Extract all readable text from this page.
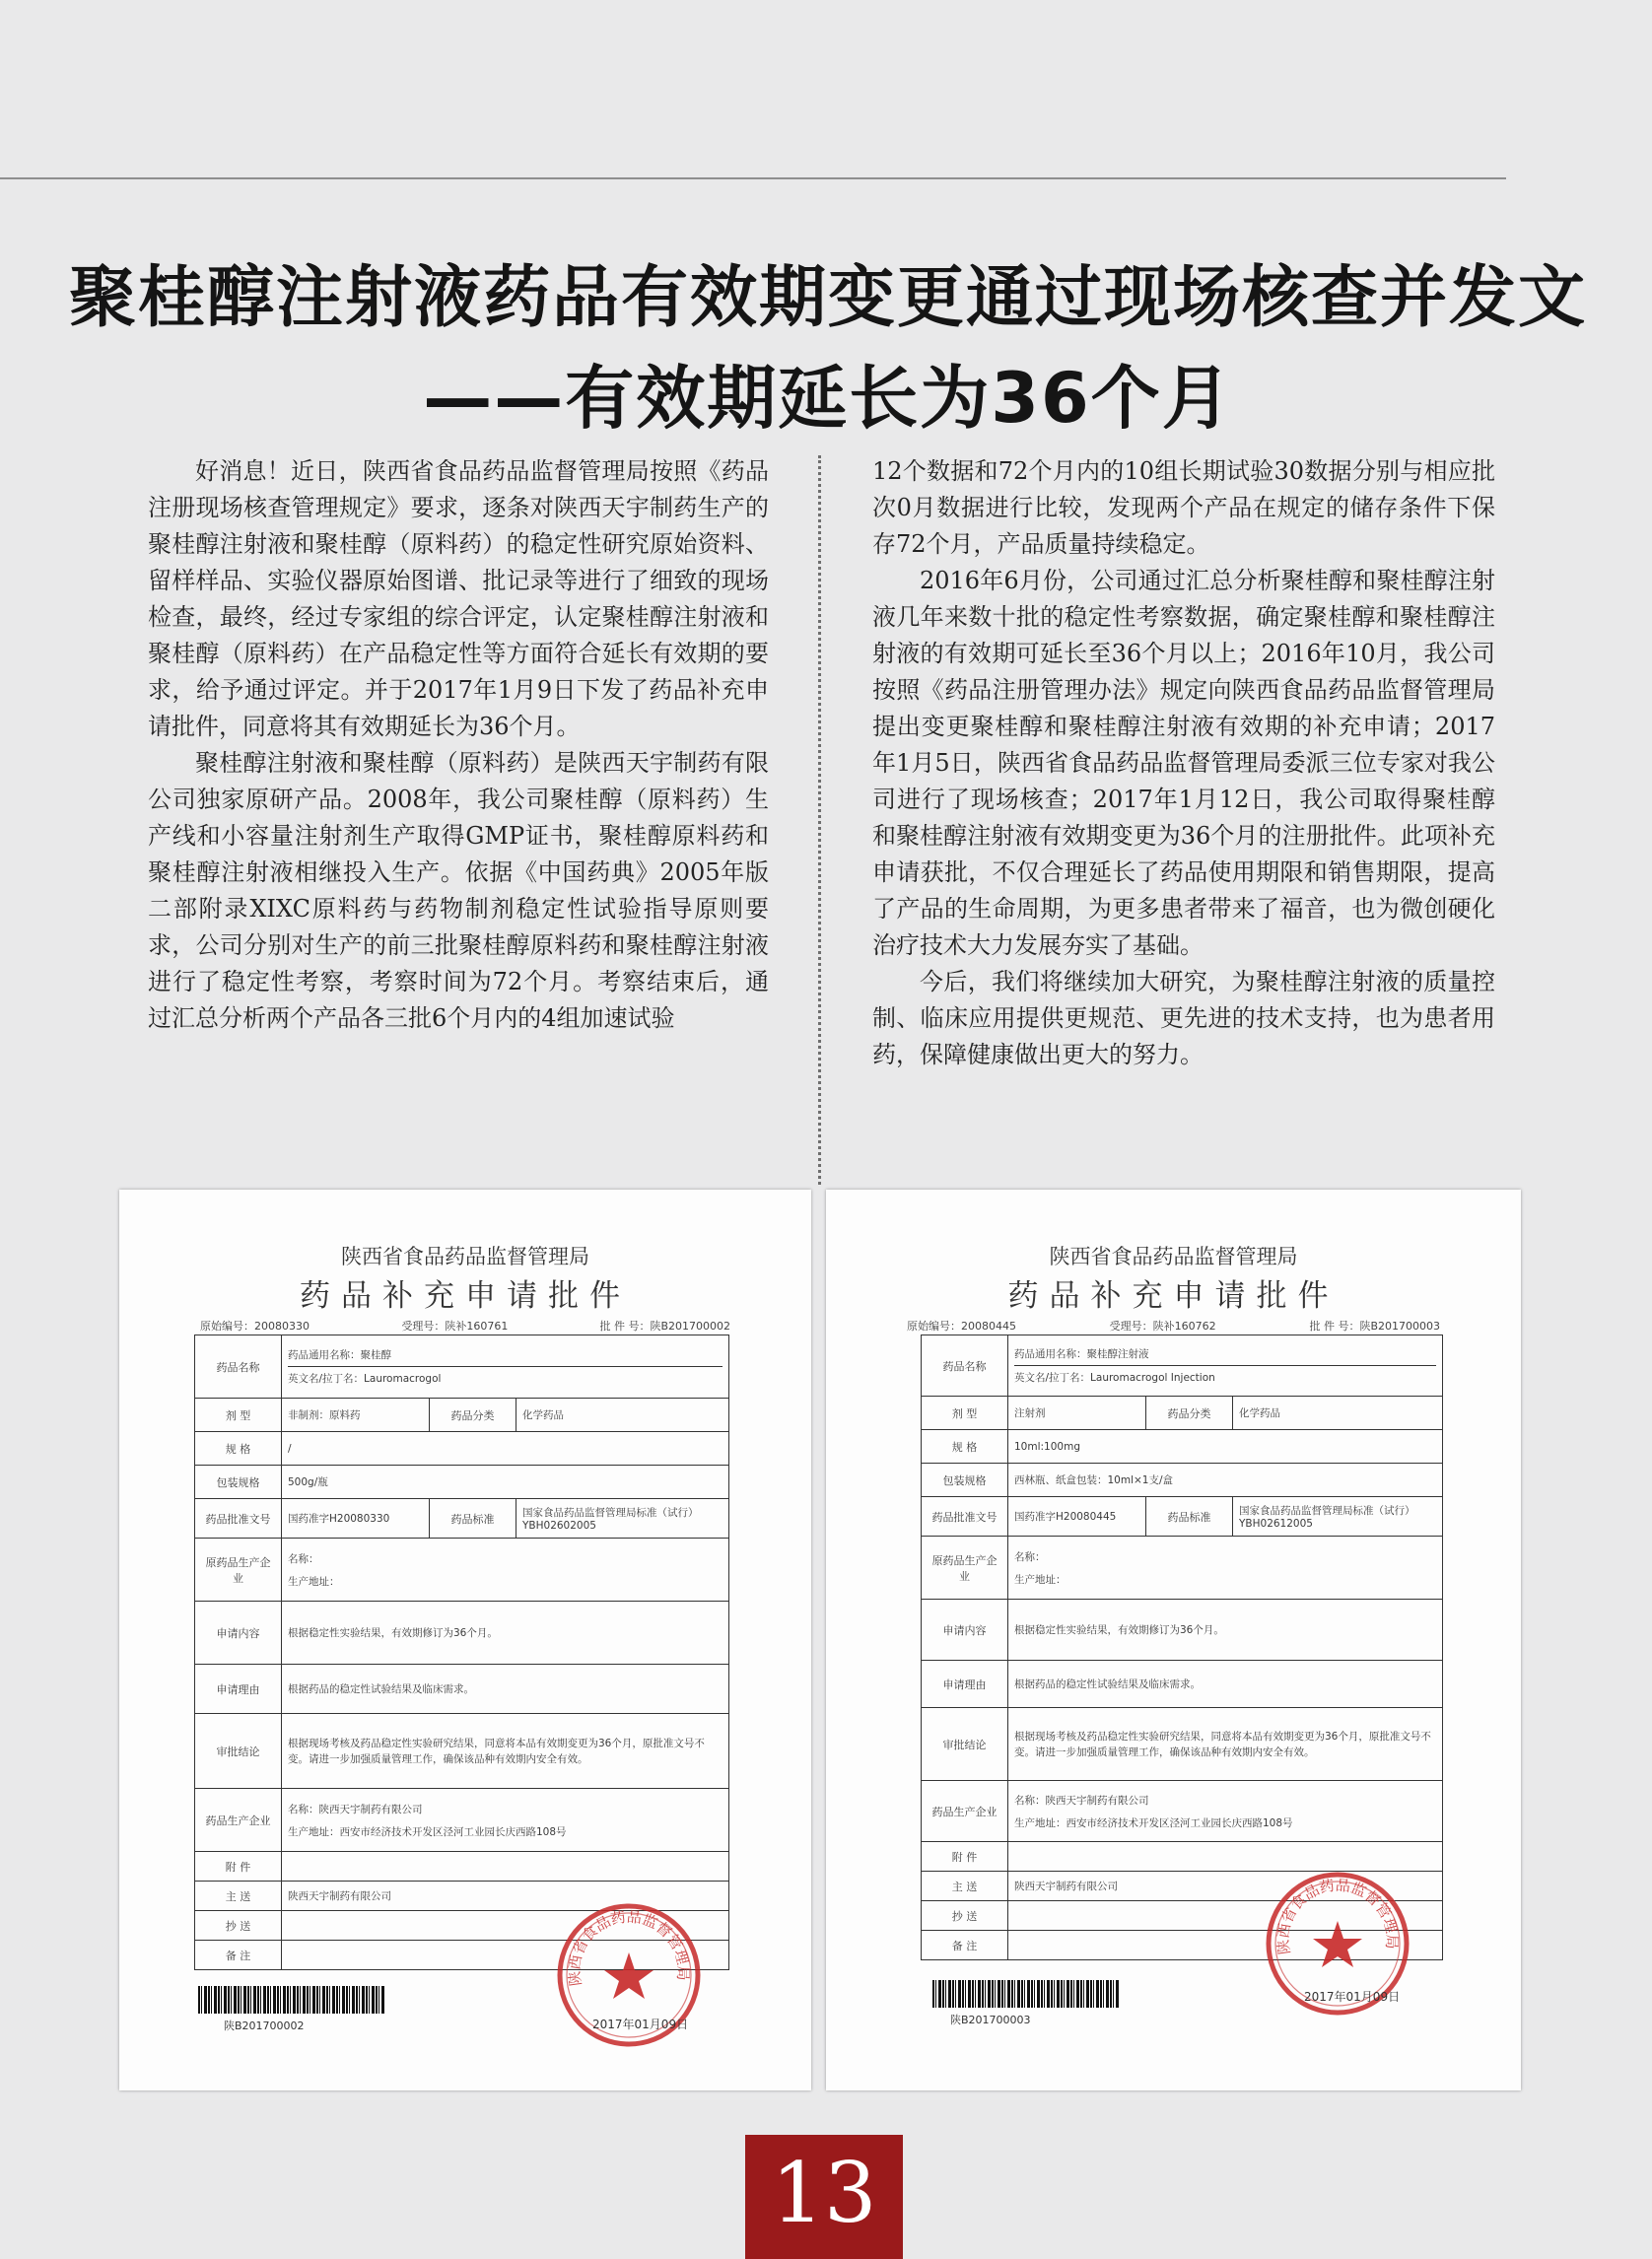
聚桂醇注射液药品有效期变更通过现场核查并发文
——有效期延长为36个月

好消息！近日，陕西省食品药品监督管理局按照《药品注册现场核查管理规定》要求，逐条对陕西天宇制药生产的聚桂醇注射液和聚桂醇（原料药）的稳定性研究原始资料、留样样品、实验仪器原始图谱、批记录等进行了细致的现场检查，最终，经过专家组的综合评定，认定聚桂醇注射液和聚桂醇（原料药）在产品稳定性等方面符合延长有效期的要求，给予通过评定。并于2017年1月9日下发了药品补充申请批件，同意将其有效期延长为36个月。

聚桂醇注射液和聚桂醇（原料药）是陕西天宇制药有限公司独家原研产品。2008年，我公司聚桂醇（原料药）生产线和小容量注射剂生产取得GMP证书，聚桂醇原料药和聚桂醇注射液相继投入生产。依据《中国药典》2005年版二部附录XIXC原料药与药物制剂稳定性试验指导原则要求，公司分别对生产的前三批聚桂醇原料药和聚桂醇注射液进行了稳定性考察，考察时间为72个月。考察结束后，通过汇总分析两个产品各三批6个月内的4组加速试验

12个数据和72个月内的10组长期试验30数据分别与相应批次0月数据进行比较，发现两个产品在规定的储存条件下保存72个月，产品质量持续稳定。

2016年6月份，公司通过汇总分析聚桂醇和聚桂醇注射液几年来数十批的稳定性考察数据，确定聚桂醇和聚桂醇注射液的有效期可延长至36个月以上；2016年10月，我公司按照《药品注册管理办法》规定向陕西食品药品监督管理局提出变更聚桂醇和聚桂醇注射液有效期的补充申请；2017年1月5日，陕西省食品药品监督管理局委派三位专家对我公司进行了现场核查；2017年1月12日，我公司取得聚桂醇和聚桂醇注射液有效期变更为36个月的注册批件。此项补充申请获批，不仅合理延长了药品使用期限和销售期限，提高了产品的生命周期，为更多患者带来了福音，也为微创硬化治疗技术大力发展夯实了基础。

今后，我们将继续加大研究，为聚桂醇注射液的质量控制、临床应用提供更规范、更先进的技术支持，也为患者用药，保障健康做出更大的努力。

陕西省食品药品监督管理局
药品补充申请批件
原始编号：20080330	受理号：陕补160761	批 件 号：陕B201700002
药品名称	药品通用名称：聚桂醇
英文名/拉丁名：Lauromacrogol		

剂 型	非制剂：原料药	药品分类	化学药品
规 格	/		
包装规格	500g/瓶		
药品批准文号	国药准字H20080330	药品标准	国家食品药品监督管理局标准（试行）YBH02602005
原药品生产企业	名称：
生产地址：		

申请内容	根据稳定性实验结果，有效期修订为36个月。		
申请理由	根据药品的稳定性试验结果及临床需求。		
审批结论	根据现场考核及药品稳定性实验研究结果，同意将本品有效期变更为36个月，原批准文号不变。请进一步加强质量管理工作，确保该品种有效期内安全有效。		
药品生产企业	名称：陕西天宇制药有限公司
生产地址：西安市经济技术开发区泾河工业园长庆西路108号		

附 件			
主 送	陕西天宇制药有限公司		
抄 送			
备 注			
陕B201700002
陕西省食品药品监督管理局
2017年01月09日
陕西省食品药品监督管理局
药品补充申请批件
原始编号：20080445	受理号：陕补160762	批 件 号：陕B201700003
药品名称	药品通用名称：聚桂醇注射液
英文名/拉丁名：Lauromacrogol Injection		

剂 型	注射剂	药品分类	化学药品
规 格	10ml:100mg		
包装规格	西林瓶、纸盒包装：10ml×1支/盒		
药品批准文号	国药准字H20080445	药品标准	国家食品药品监督管理局标准（试行）YBH02612005
原药品生产企业	名称：
生产地址：		

申请内容	根据稳定性实验结果，有效期修订为36个月。		
申请理由	根据药品的稳定性试验结果及临床需求。		
审批结论	根据现场考核及药品稳定性实验研究结果，同意将本品有效期变更为36个月，原批准文号不变。请进一步加强质量管理工作，确保该品种有效期内安全有效。		
药品生产企业	名称：陕西天宇制药有限公司
生产地址：西安市经济技术开发区泾河工业园长庆西路108号		

附 件			
主 送	陕西天宇制药有限公司		
抄 送			
备 注			
陕B201700003
陕西省食品药品监督管理局
2017年01月09日
13
